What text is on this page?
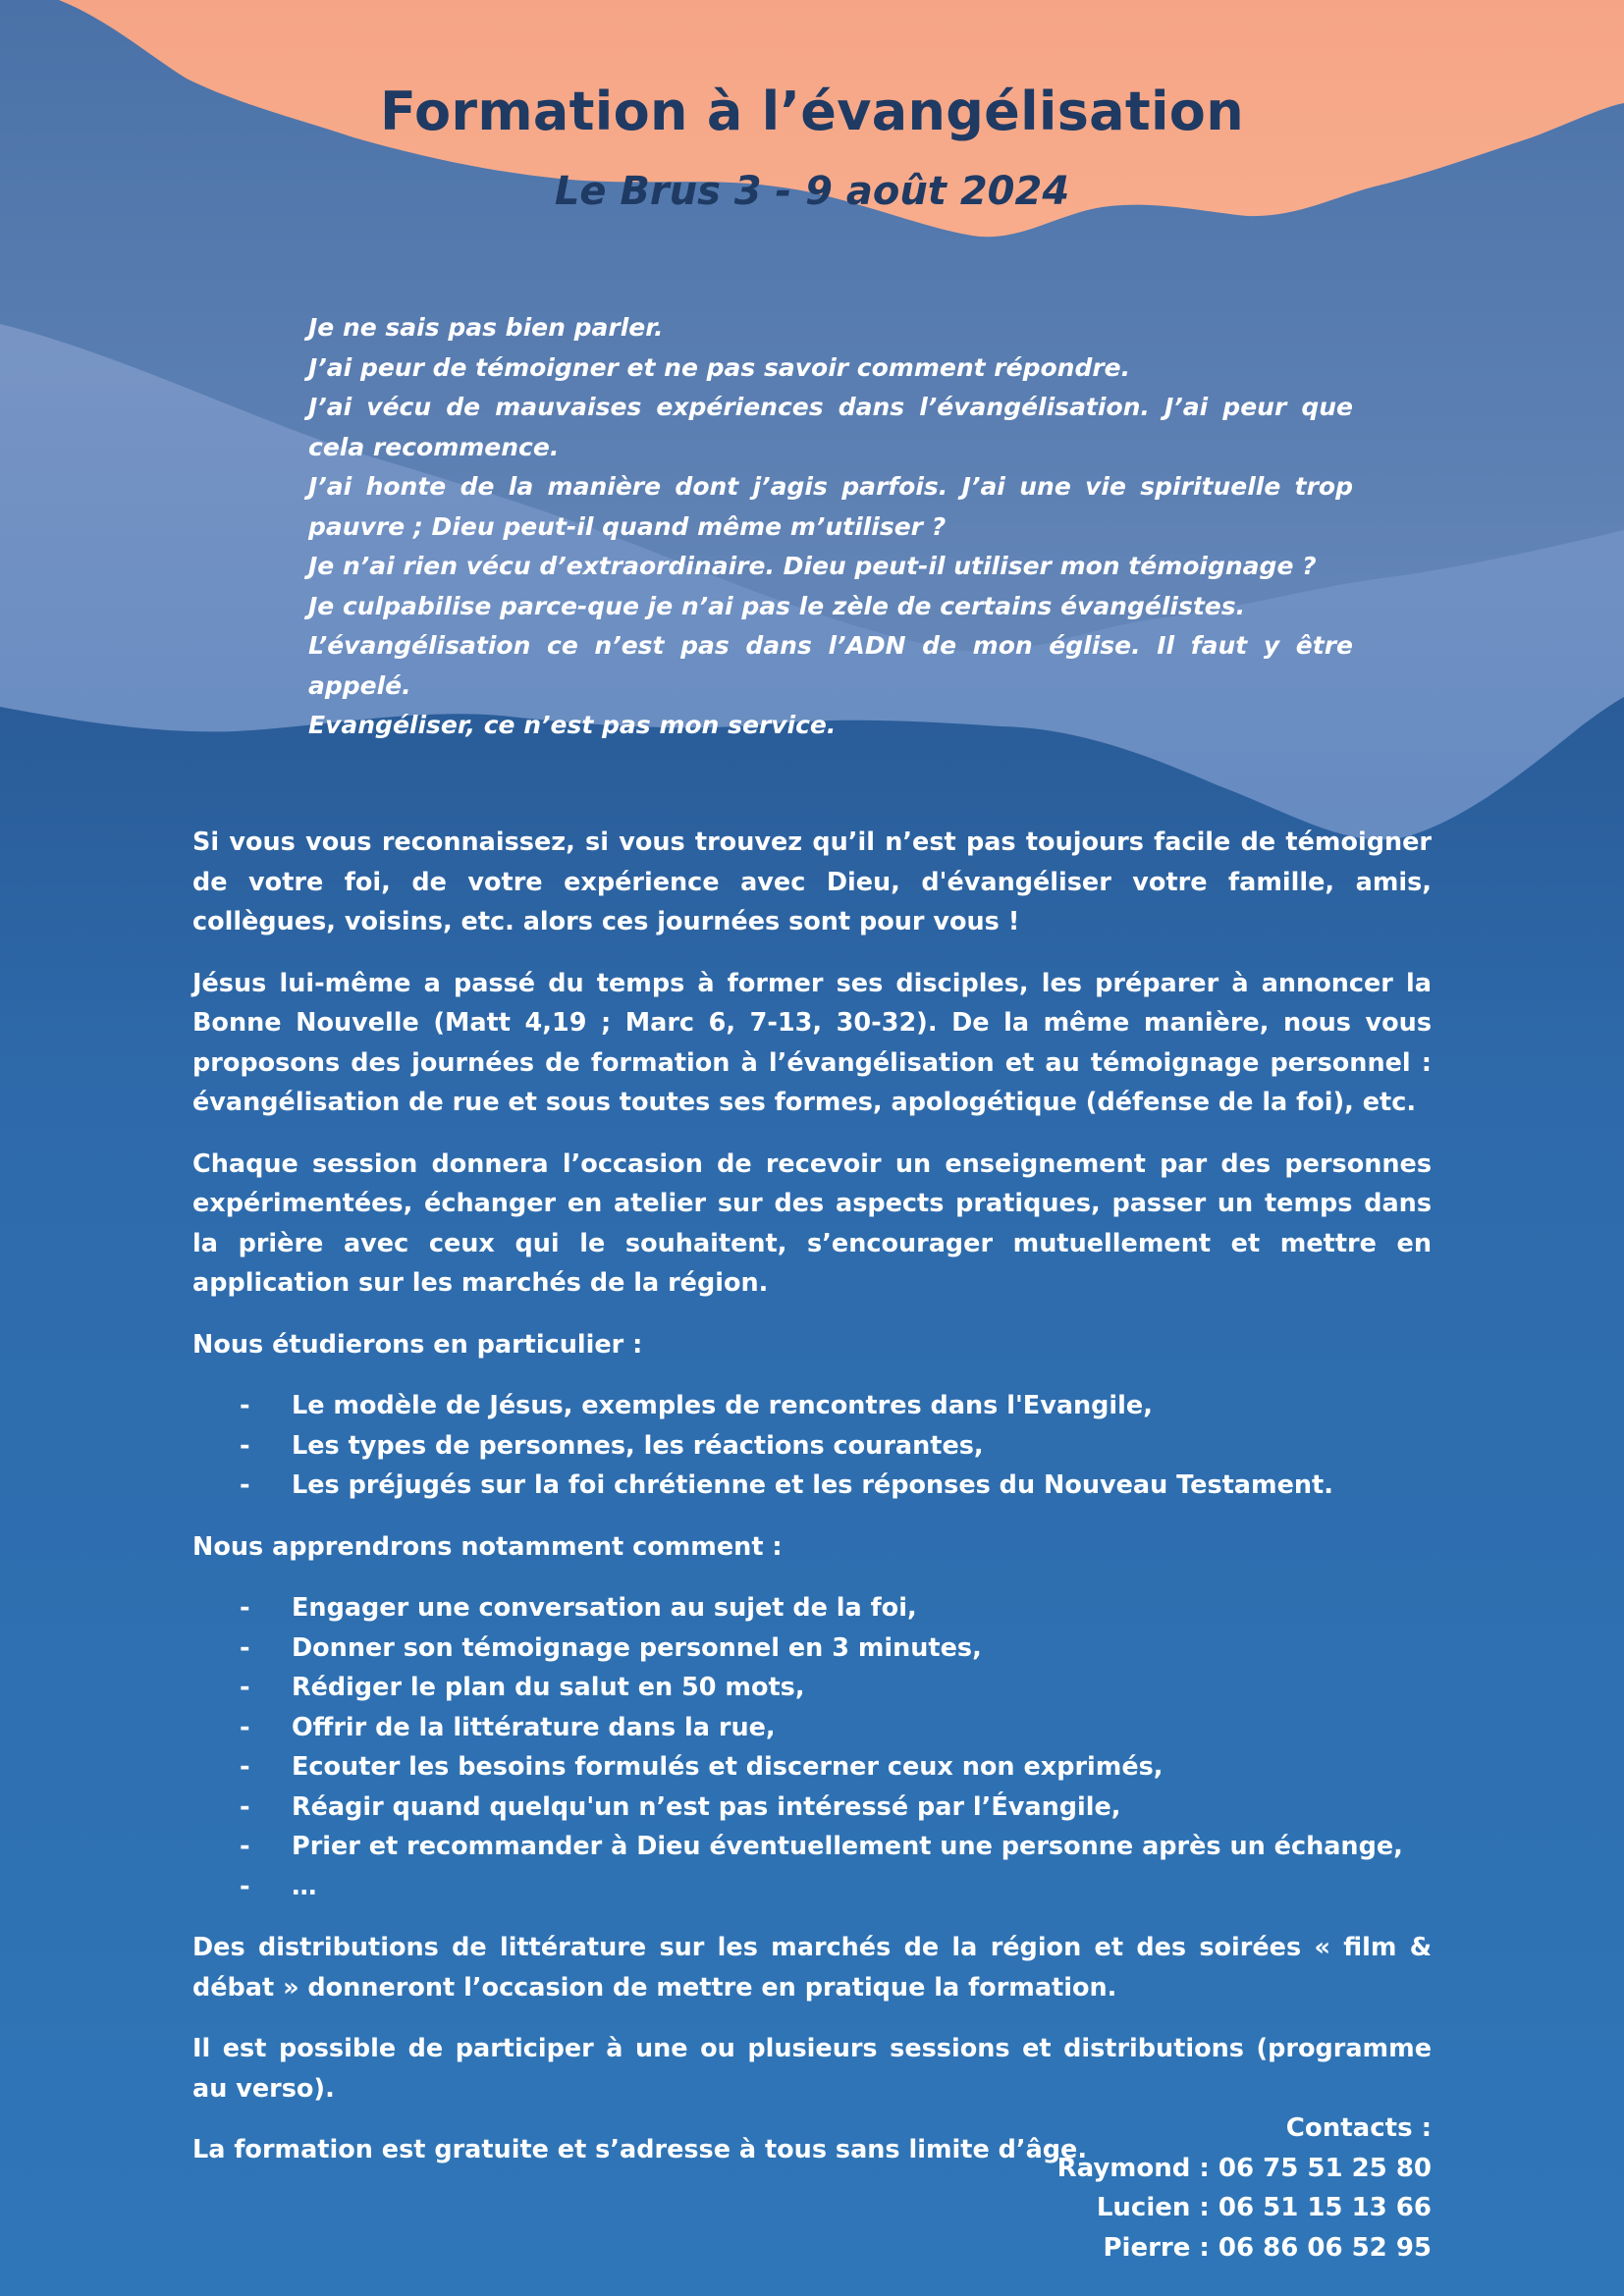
Formation à l’évangélisation
Le Brus 3 - 9 août 2024
Je ne sais pas bien parler.
J’ai peur de témoigner et ne pas savoir comment répondre.
J’ai vécu de mauvaises expériences dans l’évangélisation. J’ai peur que cela recommence.
J’ai honte de la manière dont j’agis parfois. J’ai une vie spirituelle trop pauvre ; Dieu peut-il quand même m’utiliser ?
Je n’ai rien vécu d’extraordinaire. Dieu peut-il utiliser mon témoignage ?
Je culpabilise parce-que je n’ai pas le zèle de certains évangélistes.
L’évangélisation ce n’est pas dans l’ADN de mon église. Il faut y être appelé.
Evangéliser, ce n’est pas mon service.

Si vous vous reconnaissez, si vous trouvez qu’il n’est pas toujours facile de témoigner de votre foi, de votre expérience avec Dieu, d'évangéliser votre famille, amis, collègues, voisins, etc. alors ces journées sont pour vous !

Jésus lui-même a passé du temps à former ses disciples, les préparer à annoncer la Bonne Nouvelle (Matt 4,19 ; Marc 6, 7-13, 30-32). De la même manière, nous vous proposons des journées de formation à l’évangélisation et au témoignage personnel : évangélisation de rue et sous toutes ses formes, apologétique (défense de la foi), etc.

Chaque session donnera l’occasion de recevoir un enseignement par des personnes expérimentées, échanger en atelier sur des aspects pratiques, passer un temps dans la prière avec ceux qui le souhaitent, s’encourager mutuellement et mettre en application sur les marchés de la région.

Nous étudierons en particulier :

- Le modèle de Jésus, exemples de rencontres dans l'Evangile,
- Les types de personnes, les réactions courantes,
- Les préjugés sur la foi chrétienne et les réponses du Nouveau Testament.

Nous apprendrons notamment comment :

- Engager une conversation au sujet de la foi,
- Donner son témoignage personnel en 3 minutes,
- Rédiger le plan du salut en 50 mots,
- Offrir de la littérature dans la rue,
- Ecouter les besoins formulés et discerner ceux non exprimés,
- Réagir quand quelqu'un n’est pas intéressé par l’Évangile,
- Prier et recommander à Dieu éventuellement une personne après un échange,
- …

Des distributions de littérature sur les marchés de la région et des soirées « film & débat » donneront l’occasion de mettre en pratique la formation.

Il est possible de participer à une ou plusieurs sessions et distributions (programme au verso).

La formation est gratuite et s’adresse à tous sans limite d’âge.

Contacts :
Raymond : 06 75 51 25 80
Lucien : 06 51 15 13 66
Pierre : 06 86 06 52 95
